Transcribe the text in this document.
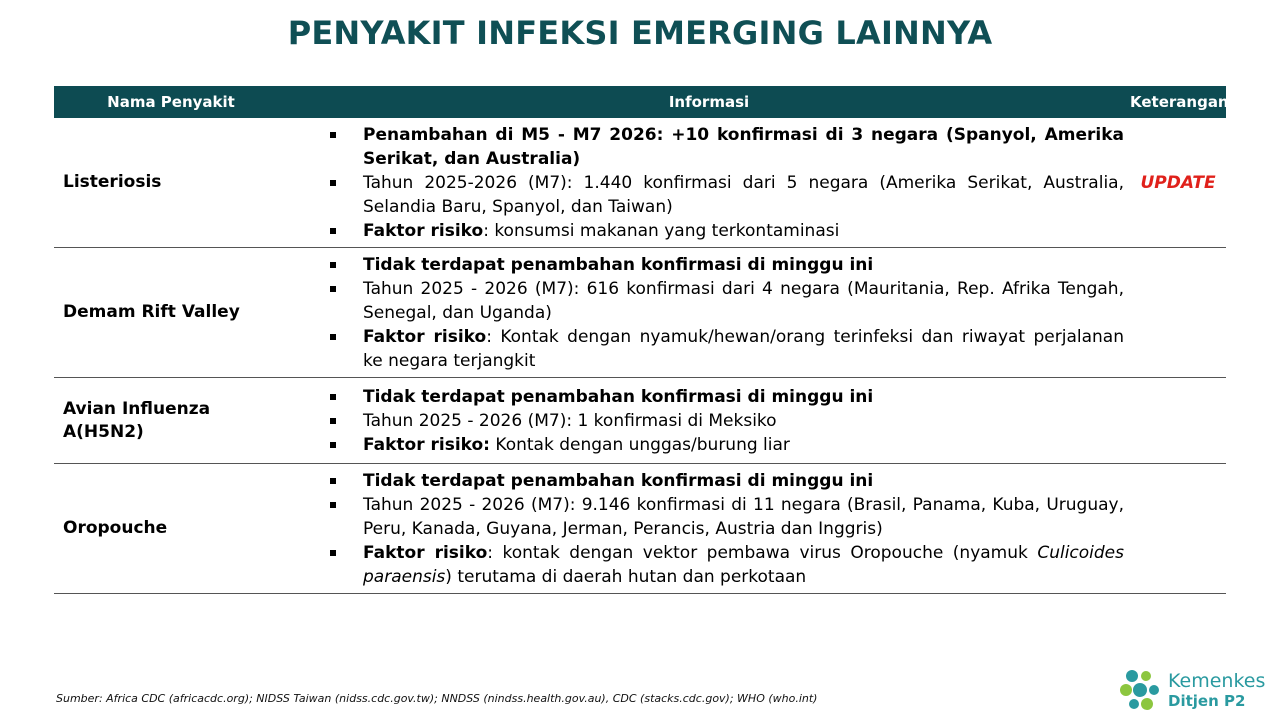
PENYAKIT INFEKSI EMERGING LAINNYA
Nama Penyakit	Informasi	Keterangan
Listeriosis
Penambahan di M5 - M7 2026: +10 konfirmasi di 3 negara (Spanyol, Amerika Serikat, dan Australia)
Tahun 2025-2026 (M7): 1.440 konfirmasi dari 5 negara (Amerika Serikat, Australia, Selandia Baru, Spanyol, dan Taiwan)
Faktor risiko: konsumsi makanan yang terkontaminasi
UPDATE
Demam Rift Valley
Tidak terdapat penambahan konfirmasi di minggu ini
Tahun 2025 - 2026 (M7): 616 konfirmasi dari 4 negara (Mauritania, Rep. Afrika Tengah, Senegal, dan Uganda)
Faktor risiko: Kontak dengan nyamuk/hewan/orang terinfeksi dan riwayat perjalanan ke negara terjangkit
Avian Influenza A(H5N2)
Tidak terdapat penambahan konfirmasi di minggu ini
Tahun 2025 - 2026 (M7): 1 konfirmasi di Meksiko
Faktor risiko: Kontak dengan unggas/burung liar
Oropouche
Tidak terdapat penambahan konfirmasi di minggu ini
Tahun 2025 - 2026 (M7): 9.146 konfirmasi di 11 negara (Brasil, Panama, Kuba, Uruguay, Peru, Kanada, Guyana, Jerman, Perancis, Austria dan Inggris)
Faktor risiko: kontak dengan vektor pembawa virus Oropouche (nyamuk Culicoides paraensis) terutama di daerah hutan dan perkotaan
Sumber: Africa CDC (africacdc.org); NIDSS Taiwan (nidss.cdc.gov.tw); NNDSS (nindss.health.gov.au), CDC (stacks.cdc.gov); WHO (who.int)
Kemenkes
Ditjen P2
